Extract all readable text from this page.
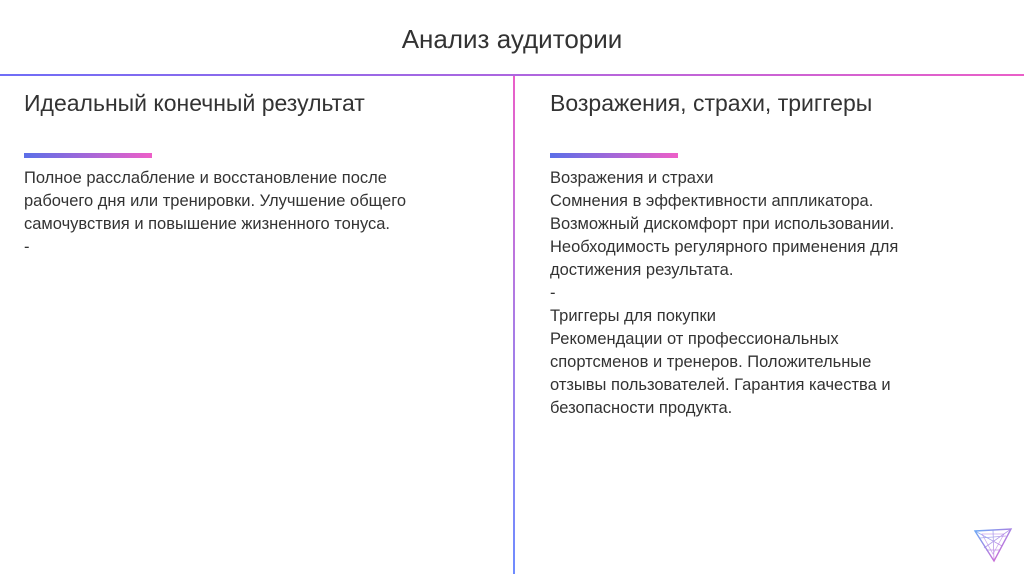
Анализ аудитории
Идеальный конечный результат

Полное расслабление и восстановление после

рабочего дня или тренировки. Улучшение общего

самочувствия и повышение жизненного тонуса.

-

Возражения, страхи, триггеры

Возражения и страхи

Сомнения в эффективности аппликатора.

Возможный дискомфорт при использовании.

Необходимость регулярного применения для

достижения результата.

-

Триггеры для покупки

Рекомендации от профессиональных

спортсменов и тренеров. Положительные

отзывы пользователей. Гарантия качества и

безопасности продукта.
